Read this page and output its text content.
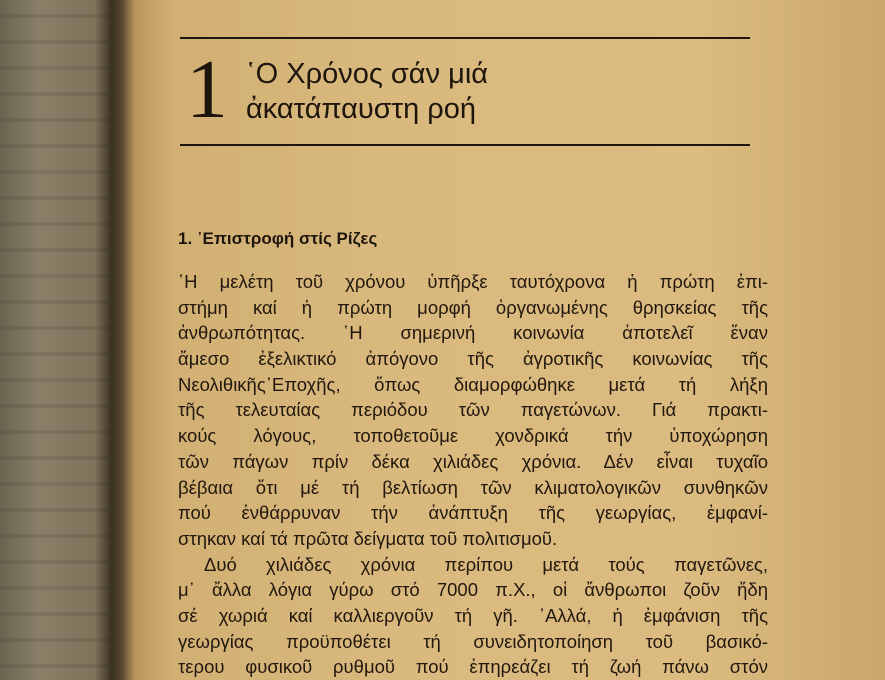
1 ῾Ο Χρόνος σάν μιά
ἀκατάπαυστη ροή
1. ᾿Επιστροφή στίς Ρίζες
῾Η μελέτη τοῦ χρόνου ὑπῆρξε ταυτόχρονα ἡ πρώτη ἐπι-
στήμη καί ἡ πρώτη μορφή ὀργανωμένης θρησκείας τῆς
ἀνθρωπότητας. ῾Η σημερινή κοινωνία ἀποτελεῖ ἕναν
ἄμεσο ἐξελικτικό ἀπόγονο τῆς ἀγροτικῆς κοινωνίας τῆς
Νεολιθικῆς᾿Εποχῆς, ὅπως διαμορφώθηκε μετά τή λήξη
τῆς τελευταίας περιόδου τῶν παγετώνων. Γιά πρακτι-
κούς λόγους, τοποθετοῦμε χονδρικά τήν ὑποχώρηση
τῶν πάγων πρίν δέκα χιλιάδες χρόνια. Δέν εἶναι τυχαῖο
βέβαια ὅτι μέ τή βελτίωση τῶν κλιματολογικῶν συνθηκῶν
πού ἐνθάρρυναν τήν ἀνάπτυξη τῆς γεωργίας, ἐμφανί-
στηκαν καί τά πρῶτα δείγματα τοῦ πολιτισμοῦ.
Δυό χιλιάδες χρόνια περίπου μετά τούς παγετῶνες,
μ᾿ ἄλλα λόγια γύρω στό 7000 π.Χ., οἱ ἄνθρωποι ζοῦν ἤδη
σέ χωριά καί καλλιεργοῦν τή γῆ. ᾿Αλλά, ἡ ἐμφάνιση τῆς
γεωργίας προϋποθέτει τή συνειδητοποίηση τοῦ βασικό-
τερου φυσικοῦ ρυθμοῦ πού ἐπηρεάζει τή ζωή πάνω στόν
